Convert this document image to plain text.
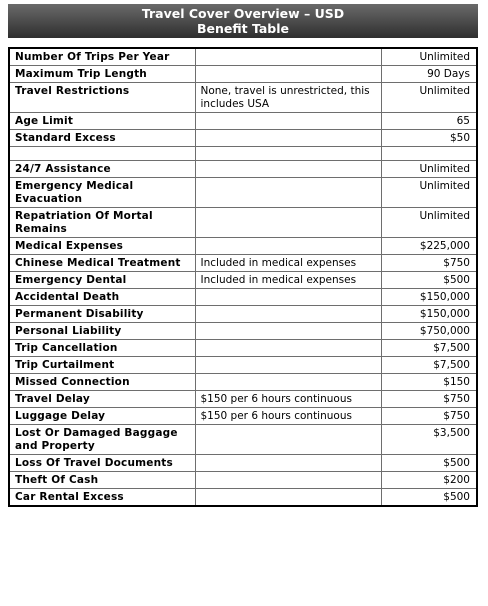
Travel Cover Overview – USD
Benefit Table
Number Of Trips Per Year		Unlimited
Maximum Trip Length		90 Days
Travel Restrictions	None, travel is unrestricted, this includes USA	Unlimited
Age Limit		65
Standard Excess		$50

24/7 Assistance		Unlimited
Emergency Medical Evacuation		Unlimited
Repatriation Of Mortal Remains		Unlimited
Medical Expenses		$225,000
Chinese Medical Treatment	Included in medical expenses	$750
Emergency Dental	Included in medical expenses	$500
Accidental Death		$150,000
Permanent Disability		$150,000
Personal Liability		$750,000
Trip Cancellation		$7,500
Trip Curtailment		$7,500
Missed Connection		$150
Travel Delay	$150 per 6 hours continuous	$750
Luggage Delay	$150 per 6 hours continuous	$750
Lost Or Damaged Baggage and Property		$3,500
Loss Of Travel Documents		$500
Theft Of Cash		$200
Car Rental Excess		$500
